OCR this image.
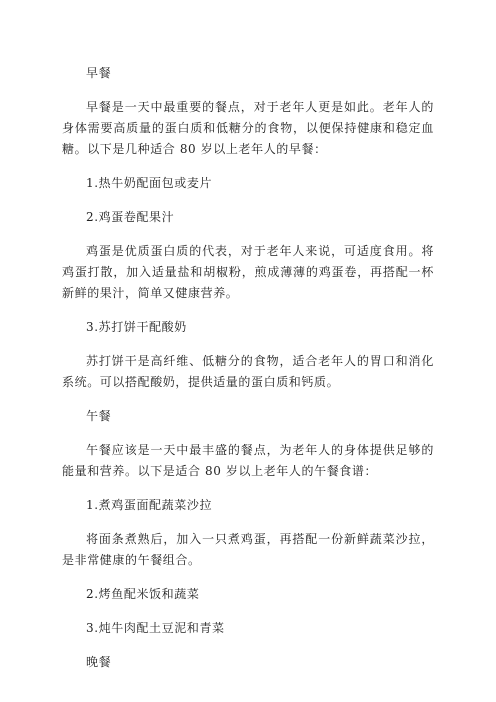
早餐

早餐是一天中最重要的餐点，对于老年人更是如此。老年人的身体需要高质量的蛋白质和低糖分的食物，以便保持健康和稳定血糖。以下是几种适合 80 岁以上老年人的早餐：

1.热牛奶配面包或麦片

2.鸡蛋卷配果汁

鸡蛋是优质蛋白质的代表，对于老年人来说，可适度食用。将鸡蛋打散，加入适量盐和胡椒粉，煎成薄薄的鸡蛋卷，再搭配一杯新鲜的果汁，简单又健康营养。

3.苏打饼干配酸奶

苏打饼干是高纤维、低糖分的食物，适合老年人的胃口和消化系统。可以搭配酸奶，提供适量的蛋白质和钙质。

午餐

午餐应该是一天中最丰盛的餐点，为老年人的身体提供足够的能量和营养。以下是适合 80 岁以上老年人的午餐食谱：

1.煮鸡蛋面配蔬菜沙拉

将面条煮熟后，加入一只煮鸡蛋，再搭配一份新鲜蔬菜沙拉，是非常健康的午餐组合。

2.烤鱼配米饭和蔬菜

3.炖牛肉配土豆泥和青菜

晚餐
